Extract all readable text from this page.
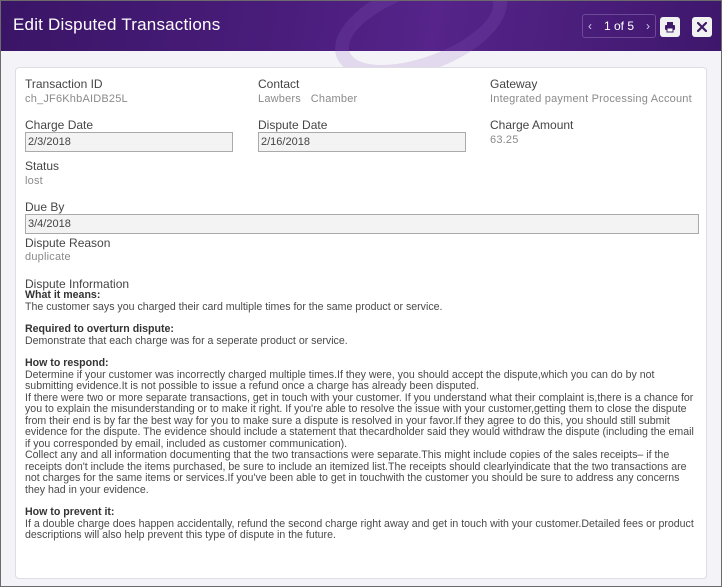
Edit Disputed Transactions	‹ 1 of 5 ›
Transaction ID
ch_JF6KhbAIDB25L
Contact
Lawbers   Chamber
Gateway
Integrated payment Processing Account
Charge Date
2/3/2018	Dispute Date
2/16/2018	Charge Amount
63.25
Status
lost
Due By
3/4/2018
Dispute Reason
duplicate
Dispute Information

What it means:

The customer says you charged their card multiple times for the same product or service.

Required to overturn dispute:

Demonstrate that each charge was for a seperate product or service.

How to respond:

Determine if your customer was incorrectly charged multiple times.If they were, you should accept the dispute,which you can do by not submitting evidence.It is not possible to issue a refund once a charge has already been disputed.

If there were two or more separate transactions, get in touch with your customer. If you understand what their complaint is,there is a chance for you to explain the misunderstanding or to make it right. If you're able to resolve the issue with your customer,getting them to close the dispute from their end is by far the best way for you to make sure a dispute is resolved in your favor.If they agree to do this, you should still submit evidence for the dispute. The evidence should include a statement that thecardholder said they would withdraw the dispute (including the email if you corresponded by email, included as customer communication).

Collect any and all information documenting that the two transactions were separate.This might include copies of the sales receipts– if the receipts don't include the items purchased, be sure to include an itemized list.The receipts should clearlyindicate that the two transactions are not charges for the same items or services.If you've been able to get in touchwith the customer you should be sure to address any concerns they had in your evidence.

How to prevent it:

If a double charge does happen accidentally, refund the second charge right away and get in touch with your customer.Detailed fees or product descriptions will also help prevent this type of dispute in the future.
